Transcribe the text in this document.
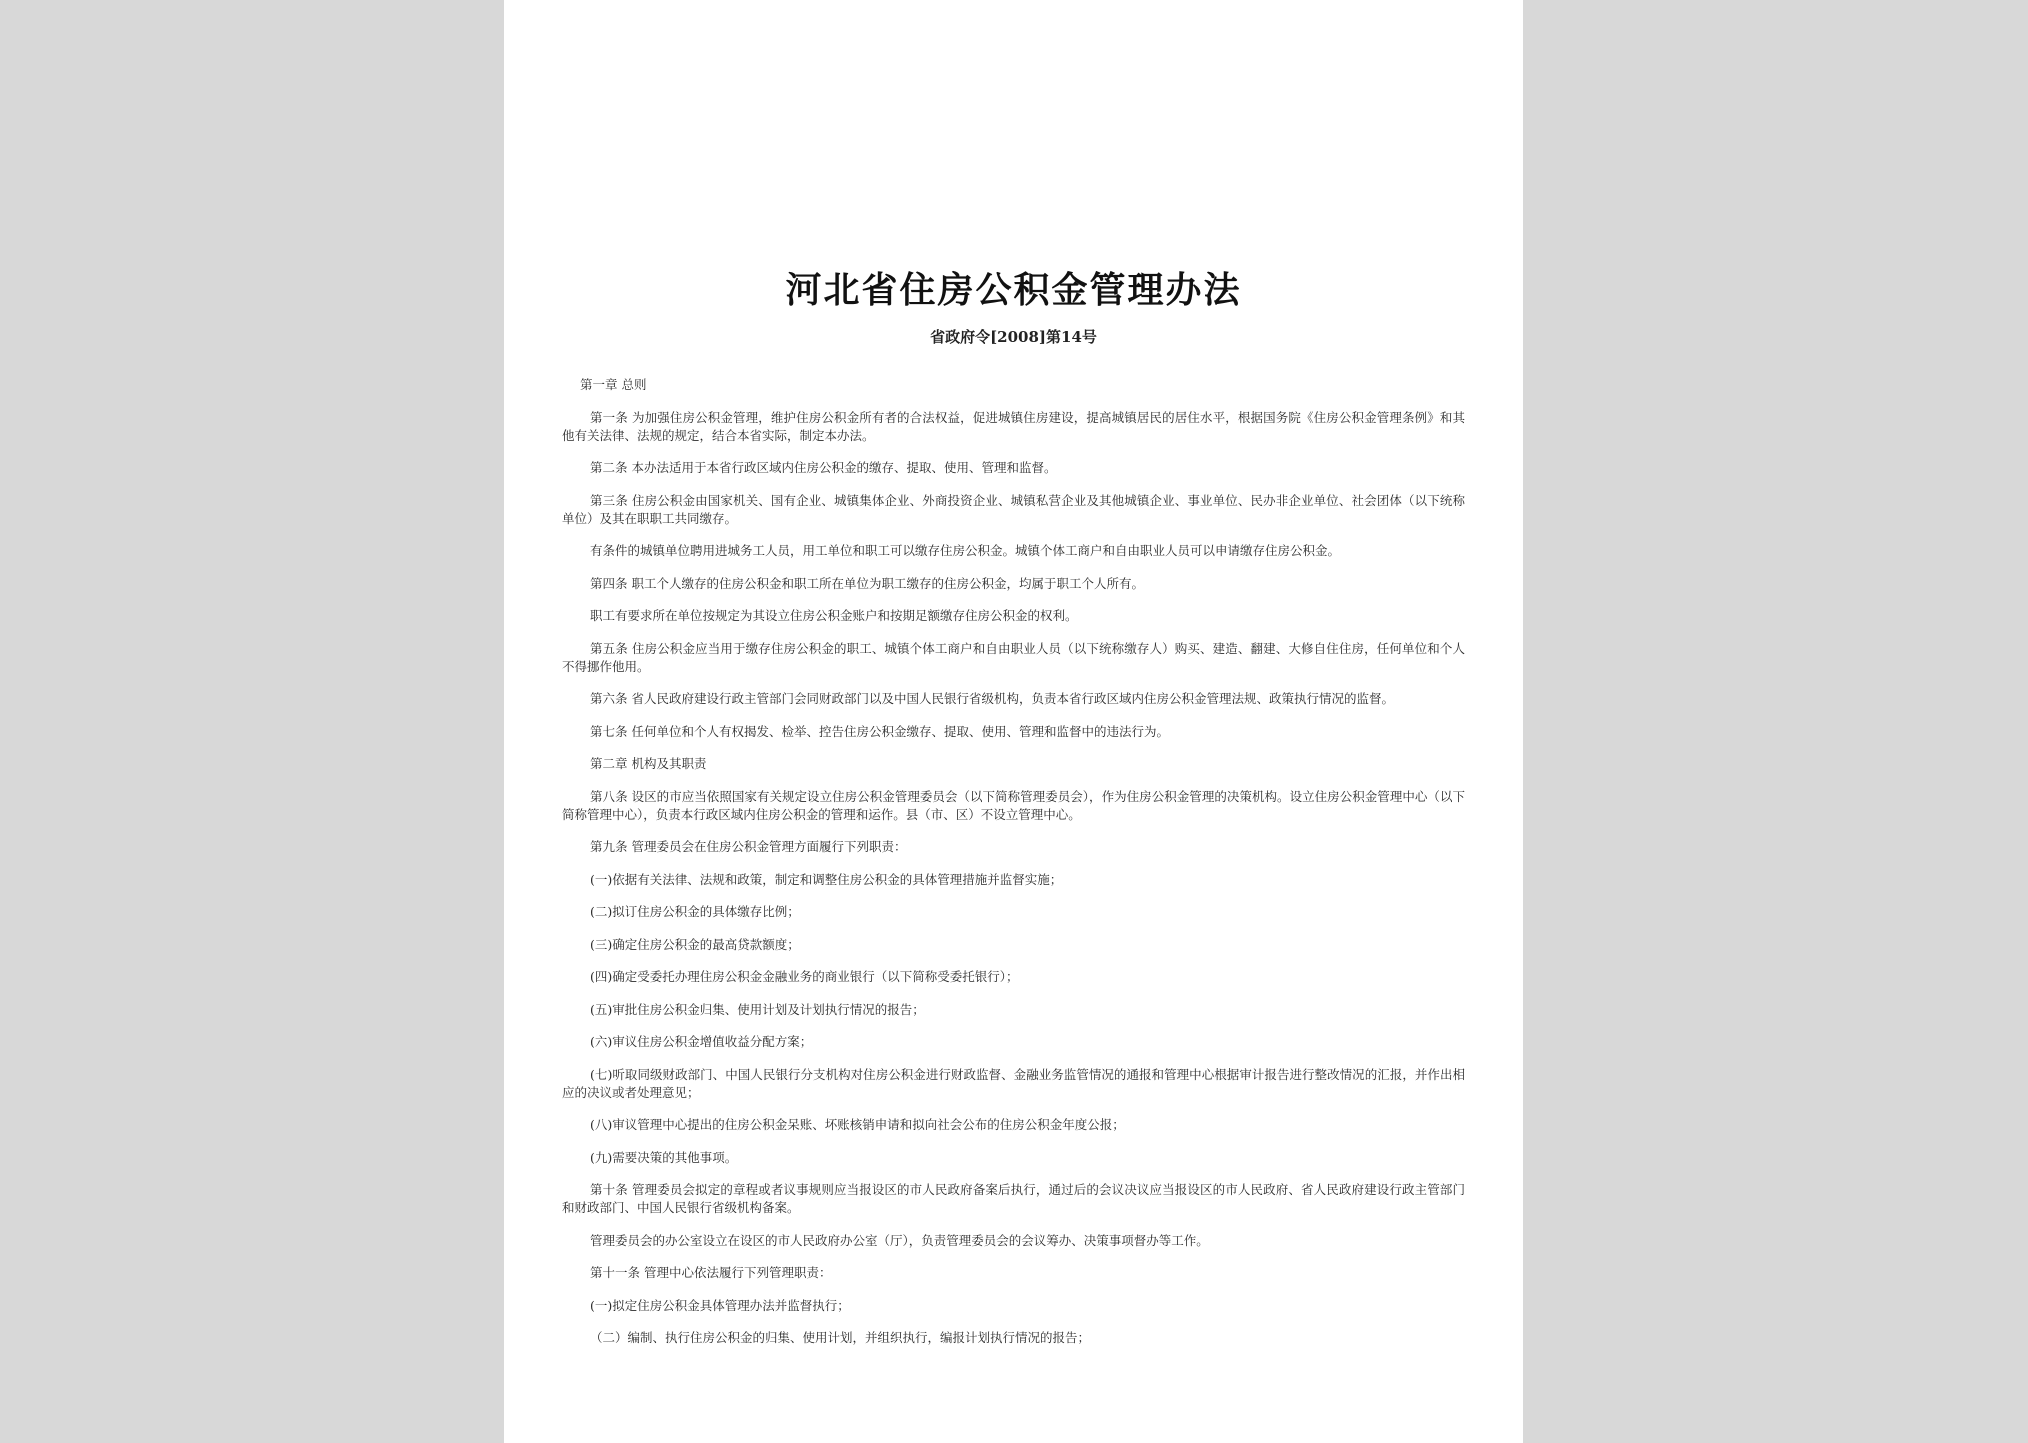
河北省住房公积金管理办法
省政府令[2008]第14号
第一章 总则

第一条 为加强住房公积金管理，维护住房公积金所有者的合法权益，促进城镇住房建设，提高城镇居民的居住水平，根据国务院《住房公积金管理条例》和其他有关法律、法规的规定，结合本省实际，制定本办法。

第二条 本办法适用于本省行政区域内住房公积金的缴存、提取、使用、管理和监督。

第三条 住房公积金由国家机关、国有企业、城镇集体企业、外商投资企业、城镇私营企业及其他城镇企业、事业单位、民办非企业单位、社会团体（以下统称单位）及其在职职工共同缴存。

有条件的城镇单位聘用进城务工人员，用工单位和职工可以缴存住房公积金。城镇个体工商户和自由职业人员可以申请缴存住房公积金。

第四条 职工个人缴存的住房公积金和职工所在单位为职工缴存的住房公积金，均属于职工个人所有。

职工有要求所在单位按规定为其设立住房公积金账户和按期足额缴存住房公积金的权利。

第五条 住房公积金应当用于缴存住房公积金的职工、城镇个体工商户和自由职业人员（以下统称缴存人）购买、建造、翻建、大修自住住房，任何单位和个人不得挪作他用。

第六条 省人民政府建设行政主管部门会同财政部门以及中国人民银行省级机构，负责本省行政区域内住房公积金管理法规、政策执行情况的监督。

第七条 任何单位和个人有权揭发、检举、控告住房公积金缴存、提取、使用、管理和监督中的违法行为。

第二章 机构及其职责

第八条 设区的市应当依照国家有关规定设立住房公积金管理委员会（以下简称管理委员会），作为住房公积金管理的决策机构。设立住房公积金管理中心（以下简称管理中心），负责本行政区域内住房公积金的管理和运作。县（市、区）不设立管理中心。

第九条 管理委员会在住房公积金管理方面履行下列职责：

(一)依据有关法律、法规和政策，制定和调整住房公积金的具体管理措施并监督实施；

(二)拟订住房公积金的具体缴存比例；

(三)确定住房公积金的最高贷款额度；

(四)确定受委托办理住房公积金金融业务的商业银行（以下简称受委托银行）；

(五)审批住房公积金归集、使用计划及计划执行情况的报告；

(六)审议住房公积金增值收益分配方案；

(七)听取同级财政部门、中国人民银行分支机构对住房公积金进行财政监督、金融业务监管情况的通报和管理中心根据审计报告进行整改情况的汇报，并作出相应的决议或者处理意见；

(八)审议管理中心提出的住房公积金呆账、坏账核销申请和拟向社会公布的住房公积金年度公报；

(九)需要决策的其他事项。

第十条 管理委员会拟定的章程或者议事规则应当报设区的市人民政府备案后执行，通过后的会议决议应当报设区的市人民政府、省人民政府建设行政主管部门和财政部门、中国人民银行省级机构备案。

管理委员会的办公室设立在设区的市人民政府办公室（厅），负责管理委员会的会议筹办、决策事项督办等工作。

第十一条 管理中心依法履行下列管理职责：

(一)拟定住房公积金具体管理办法并监督执行；

（二）编制、执行住房公积金的归集、使用计划，并组织执行，编报计划执行情况的报告；
